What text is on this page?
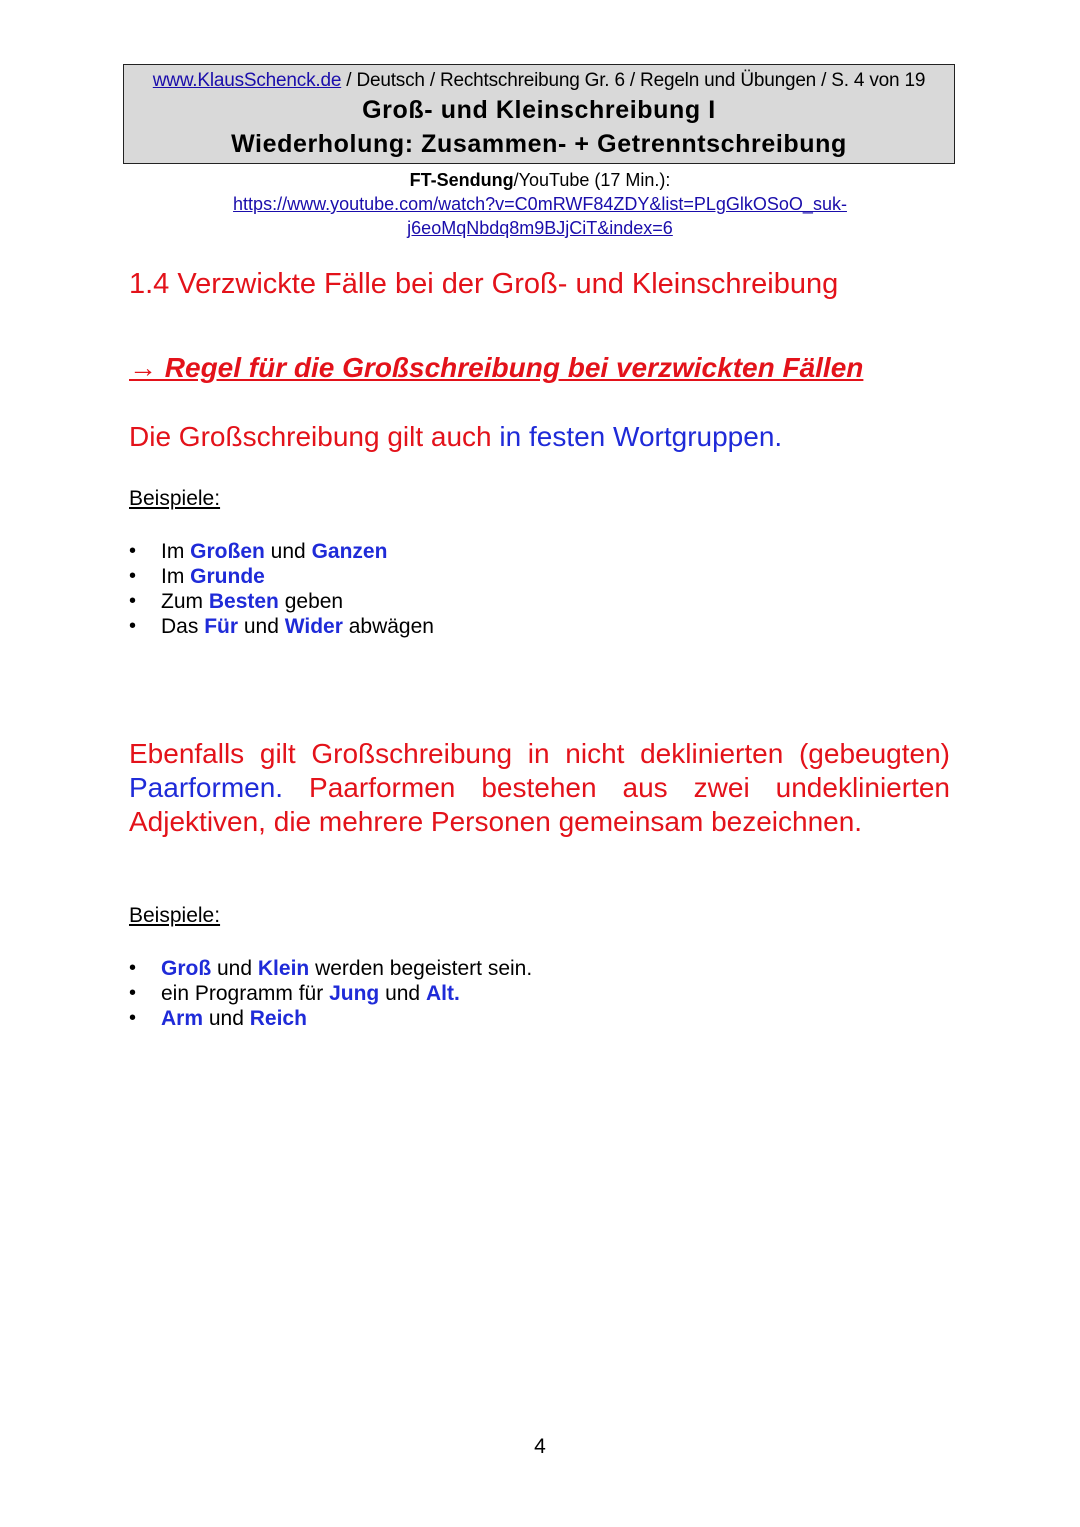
www.KlausSchenck.de / Deutsch / Rechtschreibung Gr. 6 / Regeln und Übungen / S. 4 von 19
Groß- und Kleinschreibung I
Wiederholung: Zusammen- + Getrenntschreibung
FT-Sendung/YouTube (17 Min.):
https://www.youtube.com/watch?v=C0mRWF84ZDY&list=PLgGlkOSoO_suk-
j6eoMqNbdq8m9BJjCiT&index=6
1.4 Verzwickte Fälle bei der Groß- und Kleinschreibung
→ Regel für die Großschreibung bei verzwickten Fällen
Die Großschreibung gilt auch in festen Wortgruppen.
Beispiele:
• Im Großen und Ganzen
• Im Grunde
• Zum Besten geben
• Das Für und Wider abwägen
Ebenfalls gilt Großschreibung in nicht deklinierten (gebeugten) Paarformen. Paarformen bestehen aus zwei undeklinierten Adjektiven, die mehrere Personen gemeinsam bezeichnen.
Beispiele:
• Groß und Klein werden begeistert sein.
• ein Programm für Jung und Alt.
• Arm und Reich
4
